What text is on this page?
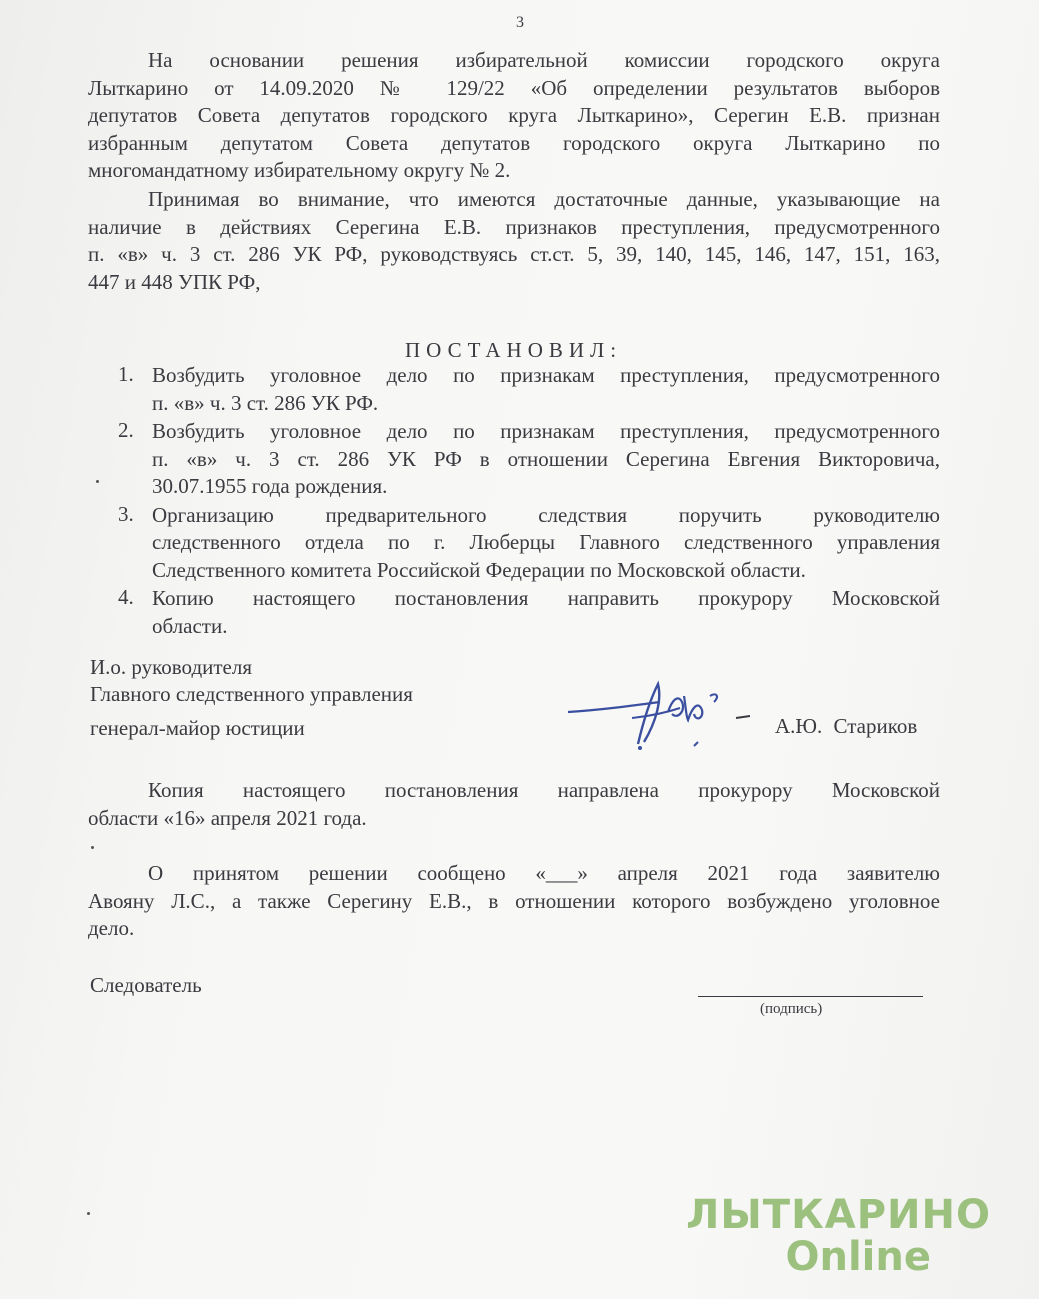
3
На основании решения избирательной комиссии городского округа
Лыткарино от 14.09.2020 № 129/22 «Об определении результатов выборов
депутатов Совета депутатов городского круга Лыткарино», Серегин Е.В. признан
избранным депутатом Совета депутатов городского округа Лыткарино по
многомандатному избирательному округу № 2.
Принимая во внимание, что имеются достаточные данные, указывающие на
наличие в действиях Серегина Е.В. признаков преступления, предусмотренного
п. «в» ч. 3 ст. 286 УК РФ, руководствуясь ст.ст. 5, 39, 140, 145, 146, 147, 151, 163,
447 и 448 УПК РФ,
ПОСТАНОВИЛ:
1. Возбудить уголовное дело по признакам преступления, предусмотренного
п. «в» ч. 3 ст. 286 УК РФ.
2. Возбудить уголовное дело по признакам преступления, предусмотренного
п. «в» ч. 3 ст. 286 УК РФ в отношении Серегина Евгения Викторовича,
30.07.1955 года рождения.
3. Организацию предварительного следствия поручить руководителю
следственного отдела по г. Люберцы Главного следственного управления
Следственного комитета Российской Федерации по Московской области.
4. Копию настоящего постановления направить прокурору Московской
области.
И.о. руководителя
Главного следственного управления
генерал-майор юстиции	А.Ю. Стариков
Копия настоящего постановления направлена прокурору Московской
области «16» апреля 2021 года.
О принятом решении сообщено «___» апреля 2021 года заявителю
Авояну Л.С., а также Серегину Е.В., в отношении которого возбуждено уголовное
дело.
Следователь
(подпись)
ЛЫТКАРИНО
Online
